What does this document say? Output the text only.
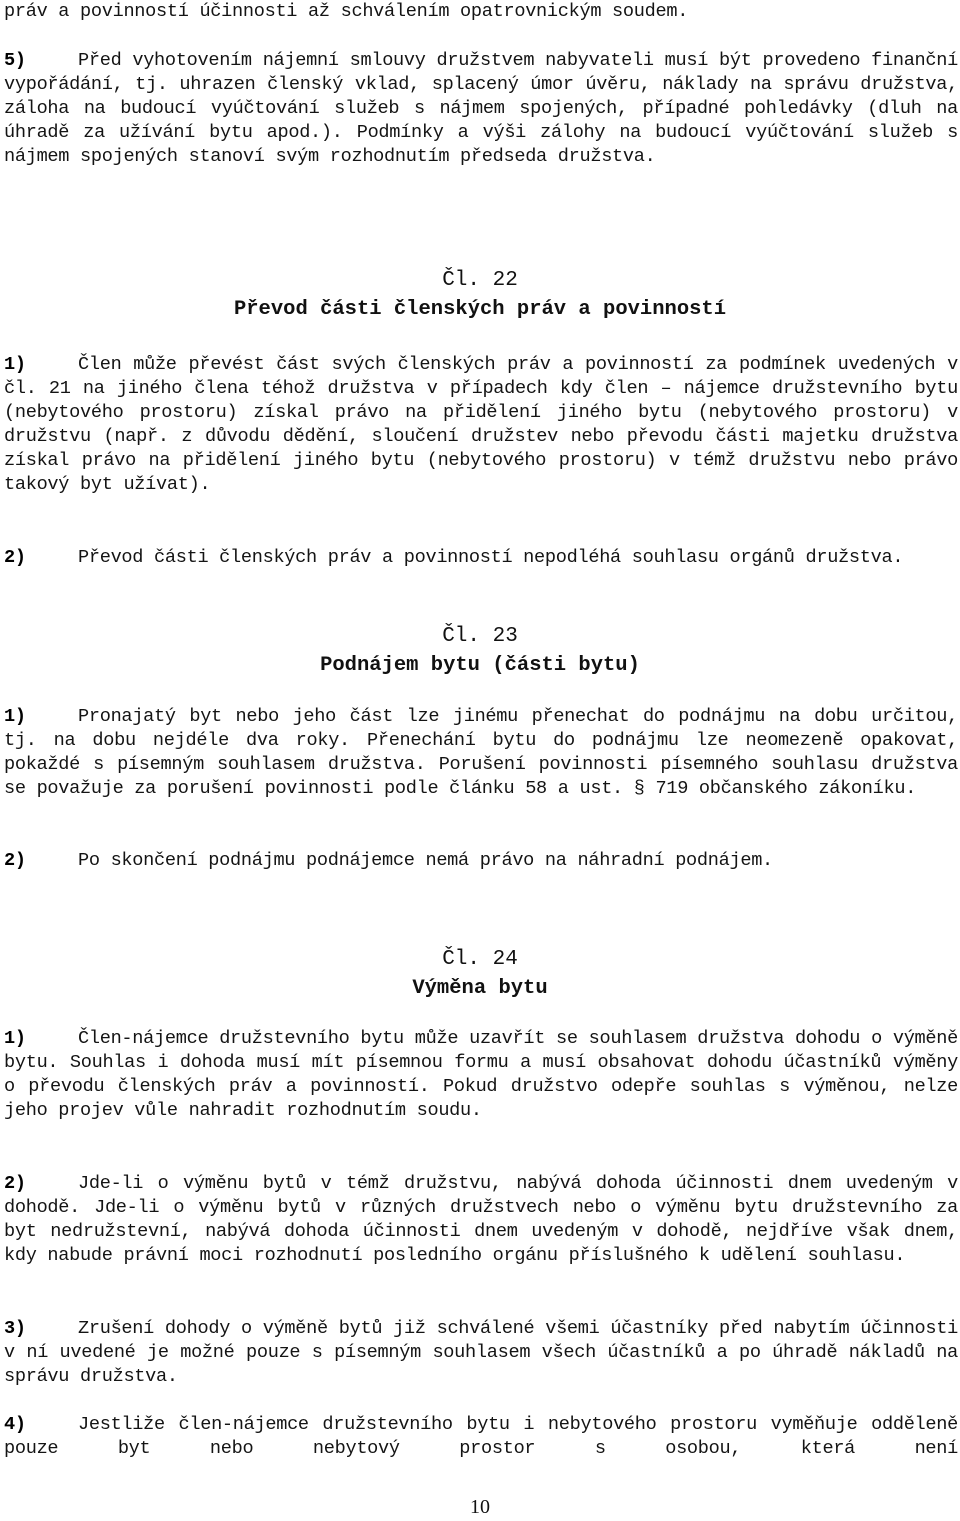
práv a povinností účinnosti až schválením opatrovnickým soudem.

5)	Před vyhotovením nájemní smlouvy družstvem nabyvateli musí být provedeno finanční vypořádání, tj. uhrazen členský vklad, splacený úmor úvěru, náklady na správu družstva, záloha na budoucí vyúčtování služeb s nájmem spojených, případné pohledávky (dluh na úhradě za užívání bytu apod.). Podmínky a výši zálohy na budoucí vyúčtování služeb s nájmem spojených stanoví svým rozhodnutím předseda družstva.

Čl. 22
Převod části členských práv a povinností

1)	Člen může převést část svých členských práv a povinností za podmínek uvedených v čl. 21 na jiného člena téhož družstva v případech kdy člen – nájemce družstevního bytu (nebytového prostoru) získal právo na přidělení jiného bytu (nebytového prostoru) v družstvu (např. z důvodu dědění, sloučení družstev nebo převodu části majetku družstva získal právo na přidělení jiného bytu (nebytového prostoru) v témž družstvu nebo právo takový byt užívat).

2)	Převod části členských práv a povinností nepodléhá souhlasu orgánů družstva.

Čl. 23
Podnájem bytu (části bytu)

1)	Pronajatý byt nebo jeho část lze jinému přenechat do podnájmu na dobu určitou, tj. na dobu nejdéle dva roky. Přenechání bytu do podnájmu lze neomezeně opakovat, pokaždé s písemným souhlasem družstva. Porušení povinnosti písemného souhlasu družstva se považuje za porušení povinnosti podle článku 58 a ust. § 719 občanského zákoníku.

2)	Po skončení podnájmu podnájemce nemá právo na náhradní podnájem.

Čl. 24
Výměna bytu

1)	Člen-nájemce družstevního bytu může uzavřít se souhlasem družstva dohodu o výměně bytu. Souhlas i dohoda musí mít písemnou formu a musí obsahovat dohodu účastníků výměny o převodu členských práv a povinností. Pokud družstvo odepře souhlas s výměnou, nelze jeho projev vůle nahradit rozhodnutím soudu.

2)	Jde-li o výměnu bytů v témž družstvu, nabývá dohoda účinnosti dnem uvedeným v dohodě. Jde-li o výměnu bytů v různých družstvech nebo o výměnu bytu družstevního za byt nedružstevní, nabývá dohoda účinnosti dnem uvedeným v dohodě, nejdříve však dnem, kdy nabude právní moci rozhodnutí posledního orgánu příslušného k udělení souhlasu.

3)	Zrušení dohody o výměně bytů již schválené všemi účastníky před nabytím účinnosti v ní uvedené je možné pouze s písemným souhlasem všech účastníků a po úhradě nákladů na správu družstva.

4)	Jestliže člen-nájemce družstevního bytu i nebytového prostoru vyměňuje odděleně pouze byt nebo nebytový prostor s osobou, která není

10
